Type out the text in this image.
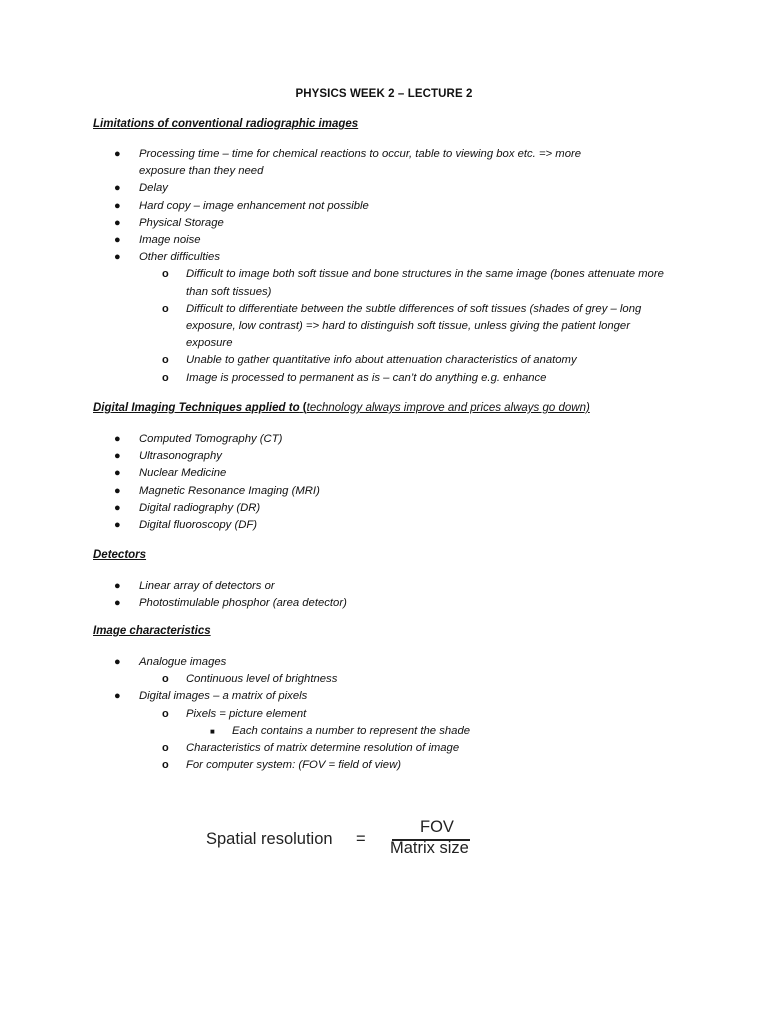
PHYSICS WEEK 2 – LECTURE 2
Limitations of conventional radiographic images
● Processing time – time for chemical reactions to occur, table to viewing box etc. => more exposure than they need
● Delay
● Hard copy – image enhancement not possible
● Physical Storage
● Image noise
● Other difficulties
o Difficult to image both soft tissue and bone structures in the same image (bones attenuate more than soft tissues)
o Difficult to differentiate between the subtle differences of soft tissues (shades of grey – long exposure, low contrast) => hard to distinguish soft tissue, unless giving the patient longer exposure
o Unable to gather quantitative info about attenuation characteristics of anatomy
o Image is processed to permanent as is – can’t do anything e.g. enhance
Digital Imaging Techniques applied to (technology always improve and prices always go down)
● Computed Tomography (CT)
● Ultrasonography
● Nuclear Medicine
● Magnetic Resonance Imaging (MRI)
● Digital radiography (DR)
● Digital fluoroscopy (DF)
Detectors
● Linear array of detectors or
● Photostimulable phosphor (area detector)
Image characteristics
● Analogue images
o Continuous level of brightness
● Digital images – a matrix of pixels
o Pixels = picture element
■ Each contains a number to represent the shade
o Characteristics of matrix determine resolution of image
o For computer system: (FOV = field of view)
Spatial resolution =
FOV
Matrix size
